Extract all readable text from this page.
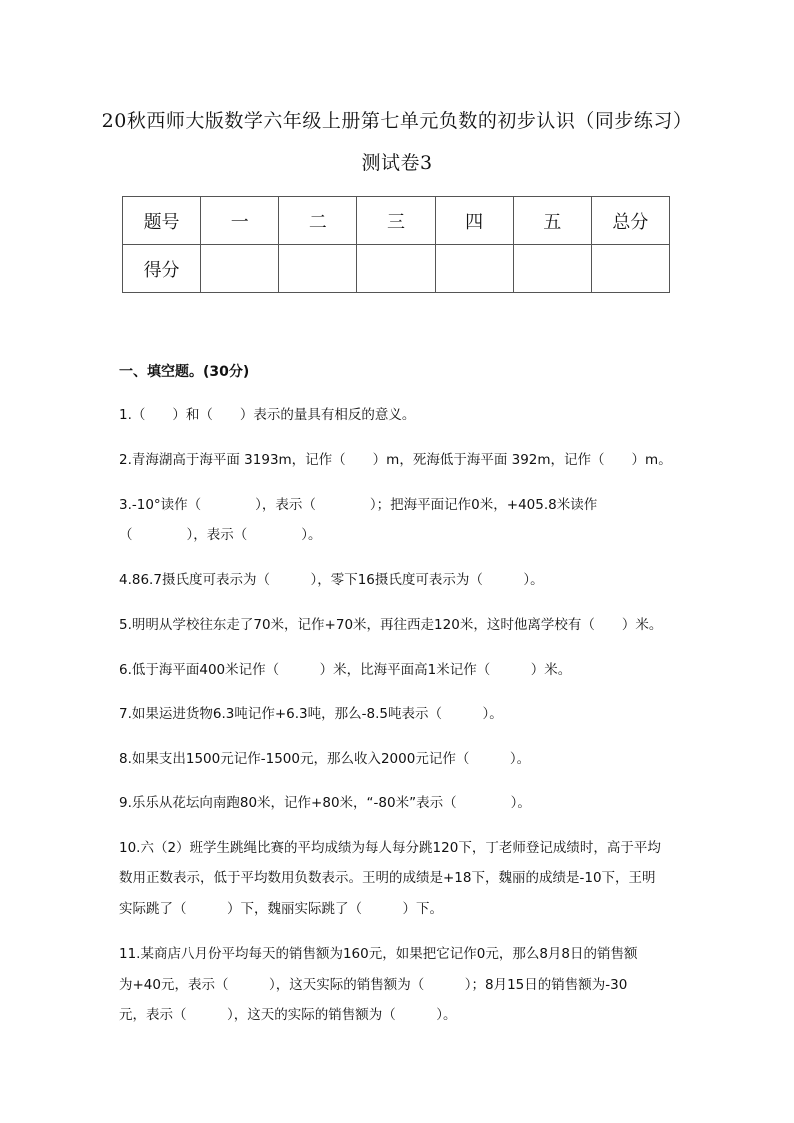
20秋西师大版数学六年级上册第七单元负数的初步认识（同步练习）
测试卷3
题号	一	二	三	四	五	总分
得分						
一、填空题。(30分)
1.（　　）和（　　）表示的量具有相反的意义。
2.青海湖高于海平面 3193m，记作（　　）m，死海低于海平面 392m，记作（　　）m。
3.-10°读作（　　　　），表示（　　　　）；把海平面记作0米，+405.8米读作
（　　　　），表示（　　　　）。
4.86.7摄氏度可表示为（　　　），零下16摄氏度可表示为（　　　）。
5.明明从学校往东走了70米，记作+70米，再往西走120米，这时他离学校有（　　）米。
6.低于海平面400米记作（　　　）米，比海平面高1米记作（　　　）米。
7.如果运进货物6.3吨记作+6.3吨，那么-8.5吨表示（　　　）。
8.如果支出1500元记作-1500元，那么收入2000元记作（　　　）。
9.乐乐从花坛向南跑80米，记作+80米，“-80米”表示（　　　　）。
10.六（2）班学生跳绳比赛的平均成绩为每人每分跳120下，丁老师登记成绩时，高于平均
数用正数表示，低于平均数用负数表示。王明的成绩是+18下，魏丽的成绩是-10下，王明
实际跳了（　　　）下，魏丽实际跳了（　　　）下。
11.某商店八月份平均每天的销售额为160元，如果把它记作0元，那么8月8日的销售额
为+40元，表示（　　　），这天实际的销售额为（　　　）；8月15日的销售额为-30
元，表示（　　　），这天的实际的销售额为（　　　）。
